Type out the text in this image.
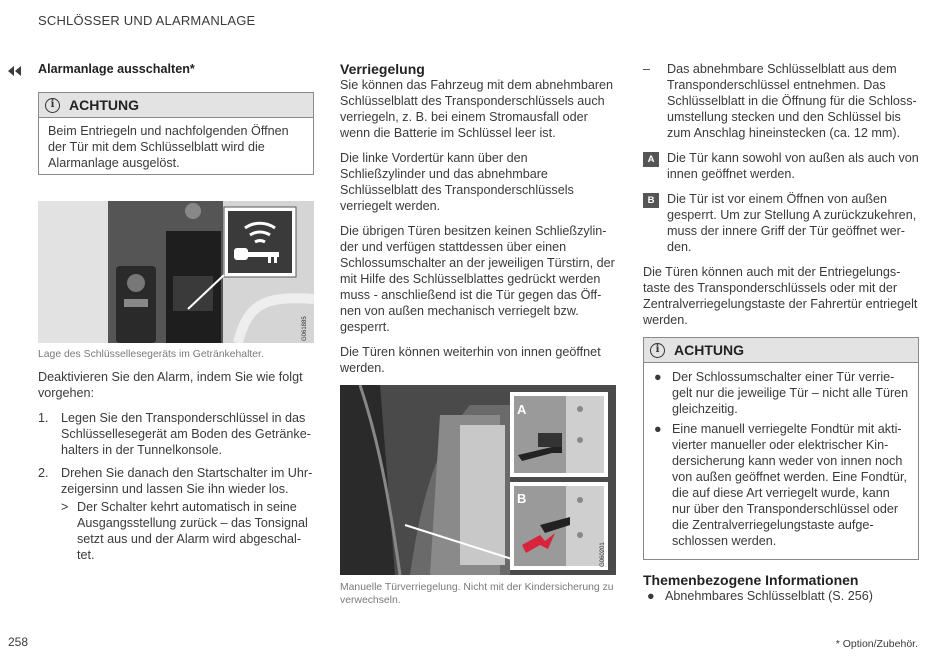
SCHLÖSSER UND ALARMANLAGE
Alarmanlage ausschalten*
i	ACHTUNG
Beim Entriegeln und nachfolgenden Öffnen der Tür mit dem Schlüsselblatt wird die Alarmanlage ausgelöst.
G061885
Lage des Schlüssellesegeräts im Getränkehalter.

Deaktivieren Sie den Alarm, indem Sie wie folgt vorgehen:

1. Legen Sie den Transponderschlüssel in das Schlüssellesegerät am Boden des Getränkehalters in der Tunnelkonsole.
2. Drehen Sie danach den Startschalter im Uhrzeigersinn und lassen Sie ihn wieder los.
> Der Schalter kehrt automatisch in seine Ausgangsstellung zurück – das Tonsignal setzt aus und der Alarm wird abgeschaltet.
Verriegelung

Sie können das Fahrzeug mit dem abnehmbaren Schlüsselblatt des Transponderschlüssels auch verriegeln, z. B. bei einem Stromausfall oder wenn die Batterie im Schlüssel leer ist.

Die linke Vordertür kann über den Schließzylinder und das abnehmbare Schlüsselblatt des Transponderschlüssels verriegelt werden.

Die übrigen Türen besitzen keinen Schließzylinder und verfügen stattdessen über einen Schlossumschalter an der jeweiligen Türstirn, der mit Hilfe des Schlüsselblattes gedrückt werden muss - anschließend ist die Tür gegen das Öffnen von außen mechanisch verriegelt bzw. gesperrt.

Die Türen können weiterhin von innen geöffnet werden.

A
B
G060201
Manuelle Türverriegelung. Nicht mit der Kindersicherung zu verwechseln.
–	Das abnehmbare Schlüsselblatt aus dem Transponderschlüssel entnehmen. Das Schlüsselblatt in die Öffnung für die Schlossumstellung stecken und den Schlüssel bis zum Anschlag hineinstecken (ca. 12 mm).
A Die Tür kann sowohl von außen als auch von innen geöffnet werden.
B Die Tür ist vor einem Öffnen von außen gesperrt. Um zur Stellung A zurückzukehren, muss der innere Griff der Tür geöffnet werden.

Die Türen können auch mit der Entriegelungstaste des Transponderschlüssels oder mit der Zentralverriegelungstaste der Fahrertür entriegelt werden.

i	ACHTUNG
● Der Schlossumschalter einer Tür verriegelt nur die jeweilige Tür – nicht alle Türen gleichzeitig.
● Eine manuell verriegelte Fondtür mit aktivierter manueller oder elektrischer Kindersicherung kann weder von innen noch von außen geöffnet werden. Eine Fondtür, die auf diese Art verriegelt wurde, kann nur über den Transponderschlüssel oder die Zentralverriegelungstaste aufgeschlossen werden.
Themenbezogene Informationen
● Abnehmbares Schlüsselblatt (S. 256)
258	* Option/Zubehör.
